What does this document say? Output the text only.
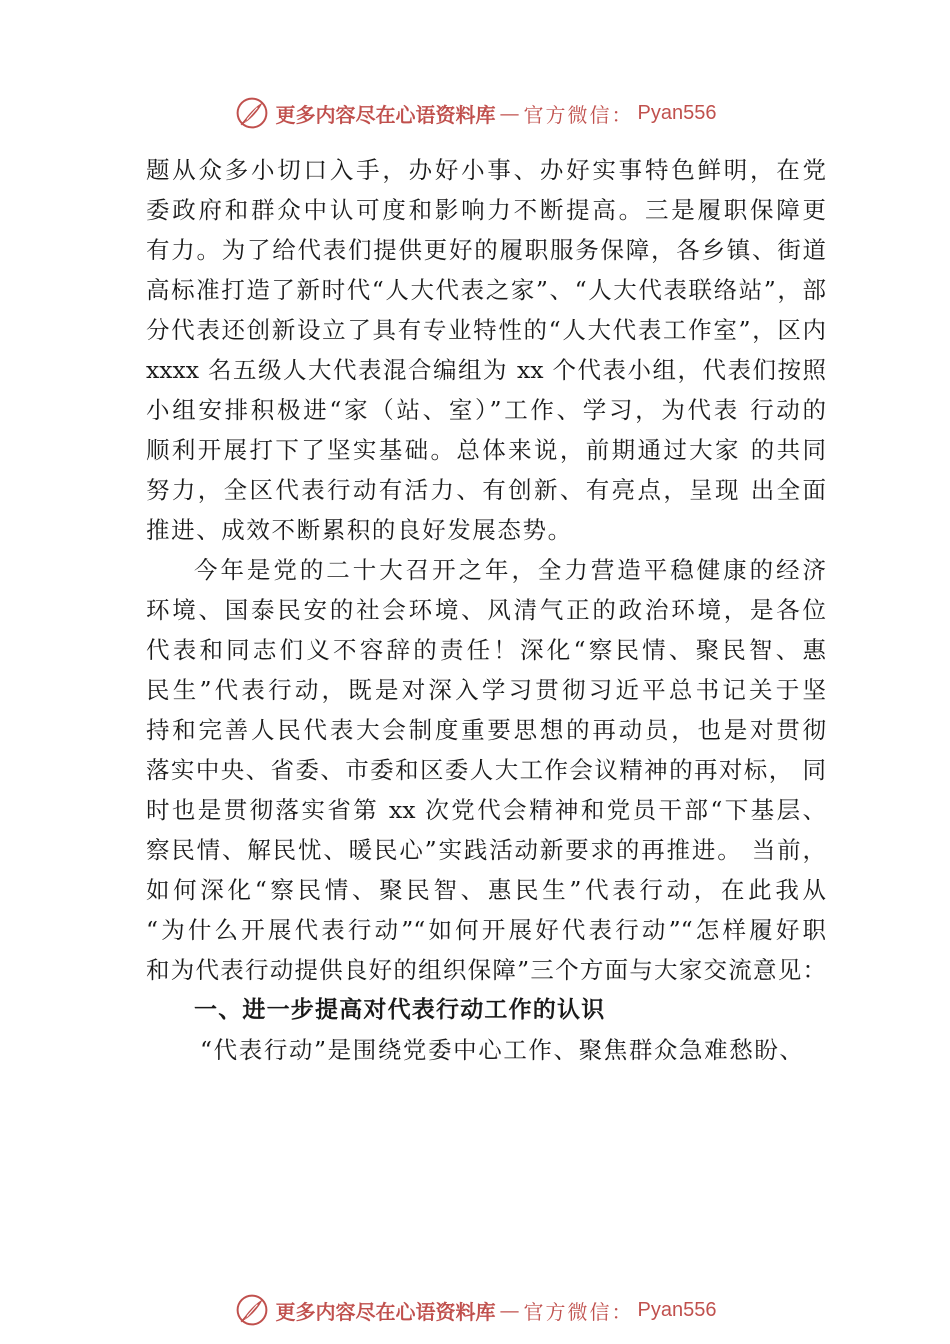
更多内容尽在心语资料库 — 官方微信： Pyan556
题从众多小切口入手，办好小事、办好实事特色鲜明，在党
委政府和群众中认可度和影响力不断提高。三是履职保障更
有力。为了给代表们提供更好的履职服务保障，各乡镇、街道
高标准打造了新时代“人大代表之家”、“人大代表联络站”，部
分代表还创新设立了具有专业特性的“人大代表工作室”，区内
xxxx 名五级人大代表混合编组为 xx 个代表小组，代表们按照
小组安排积极进“家（站、室）”工作、学习，为代表 行动的
顺利开展打下了坚实基础。总体来说，前期通过大家 的共同
努力，全区代表行动有活力、有创新、有亮点，呈现 出全面
推进、成效不断累积的良好发展态势。
今年是党的二十大召开之年，全力营造平稳健康的经济
环境、国泰民安的社会环境、风清气正的政治环境，是各位
代表和同志们义不容辞的责任！深化“察民情、聚民智、惠
民生”代表行动，既是对深入学习贯彻习近平总书记关于坚
持和完善人民代表大会制度重要思想的再动员，也是对贯彻
落实中央、省委、市委和区委人大工作会议精神的再对标， 同
时也是贯彻落实省第 xx 次党代会精神和党员干部“下基层、
察民情、解民忧、暖民心”实践活动新要求的再推进。 当前，
如何深化“察民情、聚民智、惠民生”代表行动，在此我从
“为什么开展代表行动”“如何开展好代表行动”“怎样履好职
和为代表行动提供良好的组织保障”三个方面与大家交流意见：
一、进一步提高对代表行动工作的认识
“代表行动”是围绕党委中心工作、聚焦群众急难愁盼、
更多内容尽在心语资料库 — 官方微信： Pyan556
